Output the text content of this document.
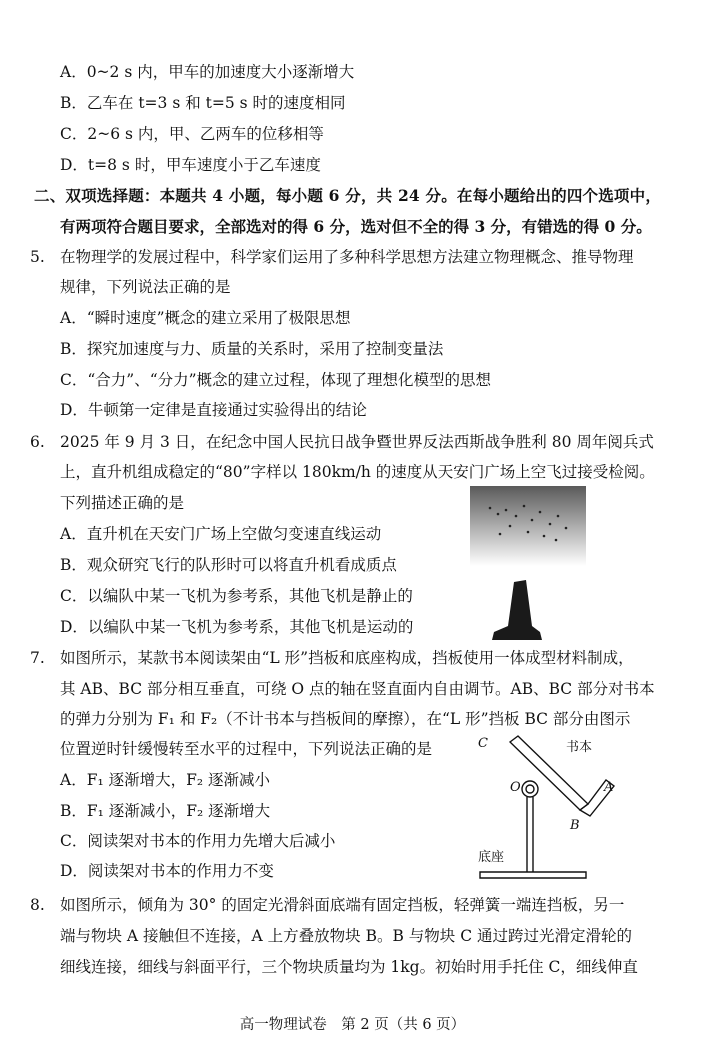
A．0~2 s 内，甲车的加速度大小逐渐增大
B．乙车在 t=3 s 和 t=5 s 时的速度相同
C．2~6 s 内，甲、乙两车的位移相等
D．t=8 s 时，甲车速度小于乙车速度
二、双项选择题：本题共 4 小题，每小题 6 分，共 24 分。在每小题给出的四个选项中，
有两项符合题目要求，全部选对的得 6 分，选对但不全的得 3 分，有错选的得 0 分。
5. 在物理学的发展过程中，科学家们运用了多种科学思想方法建立物理概念、推导物理
规律，下列说法正确的是
A．“瞬时速度”概念的建立采用了极限思想
B．探究加速度与力、质量的关系时，采用了控制变量法
C．“合力”、“分力”概念的建立过程，体现了理想化模型的思想
D．牛顿第一定律是直接通过实验得出的结论
6. 2025 年 9 月 3 日，在纪念中国人民抗日战争暨世界反法西斯战争胜利 80 周年阅兵式
上，直升机组成稳定的“80”字样以 180km/h 的速度从天安门广场上空飞过接受检阅。
下列描述正确的是
A．直升机在天安门广场上空做匀变速直线运动
B．观众研究飞行的队形时可以将直升机看成质点
C．以编队中某一飞机为参考系，其他飞机是静止的
D．以编队中某一飞机为参考系，其他飞机是运动的
7. 如图所示，某款书本阅读架由“L 形”挡板和底座构成，挡板使用一体成型材料制成，
其 AB、BC 部分相互垂直，可绕 O 点的轴在竖直面内自由调节。AB、BC 部分对书本
的弹力分别为 F₁ 和 F₂（不计书本与挡板间的摩擦），在“L 形”挡板 BC 部分由图示
位置逆时针缓慢转至水平的过程中，下列说法正确的是
A．F₁ 逐渐增大，F₂ 逐渐减小
B．F₁ 逐渐减小，F₂ 逐渐增大
C．阅读架对书本的作用力先增大后减小
D．阅读架对书本的作用力不变
C	书本
O	A
B
底座
8. 如图所示，倾角为 30° 的固定光滑斜面底端有固定挡板，轻弹簧一端连挡板，另一
端与物块 A 接触但不连接，A 上方叠放物块 B。B 与物块 C 通过跨过光滑定滑轮的
细线连接，细线与斜面平行，三个物块质量均为 1kg。初始时用手托住 C，细线伸直
高一物理试卷　第 2 页（共 6 页）
